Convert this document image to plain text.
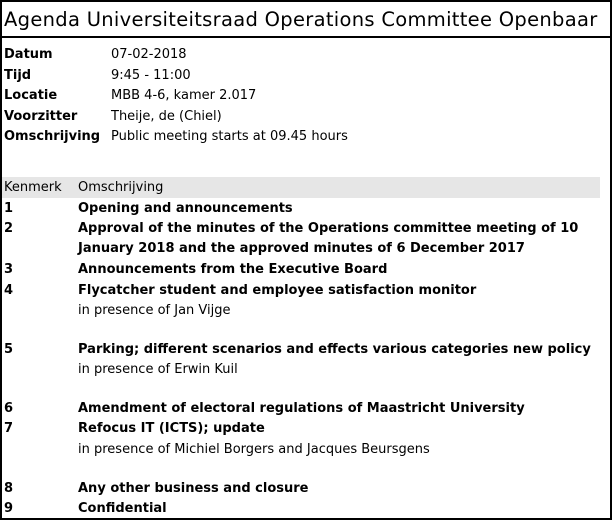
Agenda Universiteitsraad Operations Committee Openbaar
Datum	07-02-2018
Tijd	9:45 - 11:00
Locatie	MBB 4-6, kamer 2.017
Voorzitter	Theije, de (Chiel)
Omschrijving Public meeting starts at 09.45 hours
Kenmerk Omschrijving
1	Opening and announcements
2	Approval of the minutes of the Operations committee meeting of 10 January 2018 and the approved minutes of 6 December 2017
3	Announcements from the Executive Board
4	Flycatcher student and employee satisfaction monitor
in presence of Jan Vijge
5	Parking; different scenarios and effects various categories new policy
in presence of Erwin Kuil
6	Amendment of electoral regulations of Maastricht University
7	Refocus IT (ICTS); update
in presence of Michiel Borgers and Jacques Beursgens
8	Any other business and closure
9	Confidential
